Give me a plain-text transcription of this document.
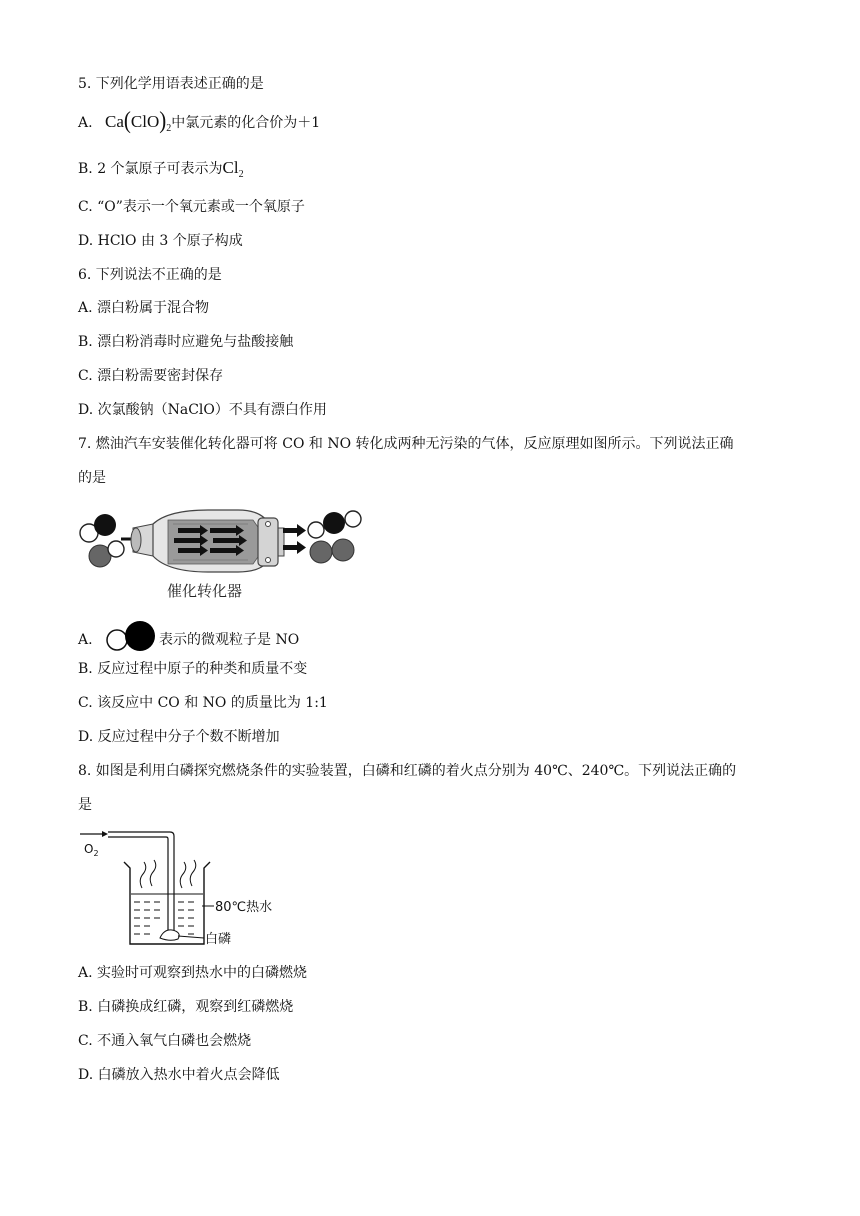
5. 下列化学用语表述正确的是
A. $Ca(ClO)_2$中氯元素的化合价为＋1
B. 2 个氯原子可表示为$Cl_2$
C. “O”表示一个氧元素或一个氧原子
D. HClO 由 3 个原子构成
6. 下列说法不正确的是
A. 漂白粉属于混合物
B. 漂白粉消毒时应避免与盐酸接触
C. 漂白粉需要密封保存
D. 次氯酸钠（NaClO）不具有漂白作用
7. 燃油汽车安装催化转化器可将 CO 和 NO 转化成两种无污染的气体，反应原理如图所示。下列说法正确
的是
催化转化器
A.	表示的微观粒子是 NO
B. 反应过程中原子的种类和质量不变
C. 该反应中 CO 和 NO 的质量比为 1:1
D. 反应过程中分子个数不断增加
8. 如图是利用白磷探究燃烧条件的实验装置，白磷和红磷的着火点分别为 40℃、240℃。下列说法正确的
是
$O_2$
80℃热水
白磷
A. 实验时可观察到热水中的白磷燃烧
B. 白磷换成红磷，观察到红磷燃烧
C. 不通入氧气白磷也会燃烧
D. 白磷放入热水中着火点会降低
